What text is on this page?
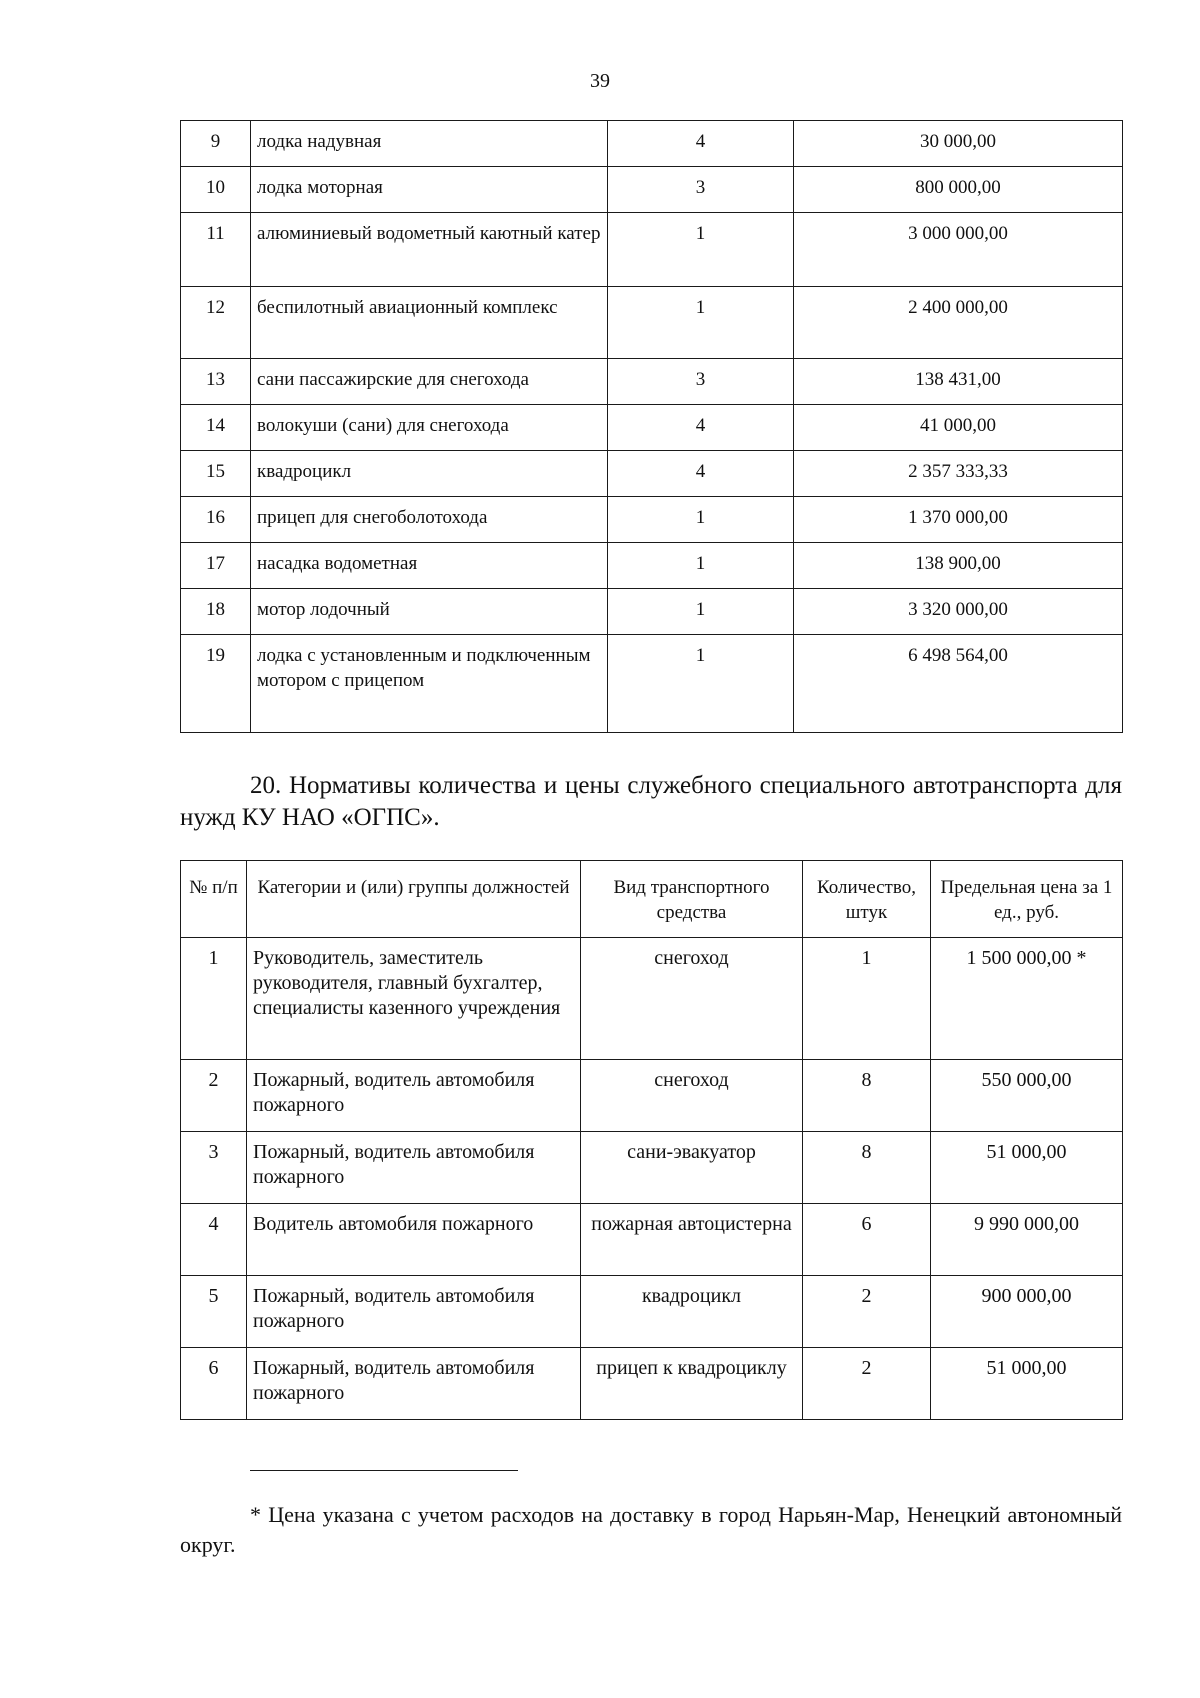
39
9	лодка надувная	4	30 000,00
10	лодка моторная	3	800 000,00
11	алюминиевый водометный каютный катер	1	3 000 000,00
12	беспилотный авиационный комплекс	1	2 400 000,00
13	сани пассажирские для снегохода	3	138 431,00
14	волокуши (сани) для снегохода	4	41 000,00
15	квадроцикл	4	2 357 333,33
16	прицеп для снегоболотохода	1	1 370 000,00
17	насадка водометная	1	138 900,00
18	мотор лодочный	1	3 320 000,00
19	лодка с установленным и подключенным мотором с прицепом	1	6 498 564,00
20. Нормативы количества и цены служебного специального автотранспорта для нужд КУ НАО «ОГПС».
№ п/п	Категории и (или) группы должностей	Вид транспортного средства	Количество, штук	Предельная цена за 1 ед., руб.
1	Руководитель, заместитель руководителя, главный бухгалтер, специалисты казенного учреждения	снегоход	1	1 500 000,00 *
2	Пожарный, водитель автомобиля пожарного	снегоход	8	550 000,00
3	Пожарный, водитель автомобиля пожарного	сани-эвакуатор	8	51 000,00
4	Водитель автомобиля пожарного	пожарная автоцистерна	6	9 990 000,00
5	Пожарный, водитель автомобиля пожарного	квадроцикл	2	900 000,00
6	Пожарный, водитель автомобиля пожарного	прицеп к квадроциклу	2	51 000,00
* Цена указана с учетом расходов на доставку в город Нарьян-Мар, Ненецкий автономный округ.
